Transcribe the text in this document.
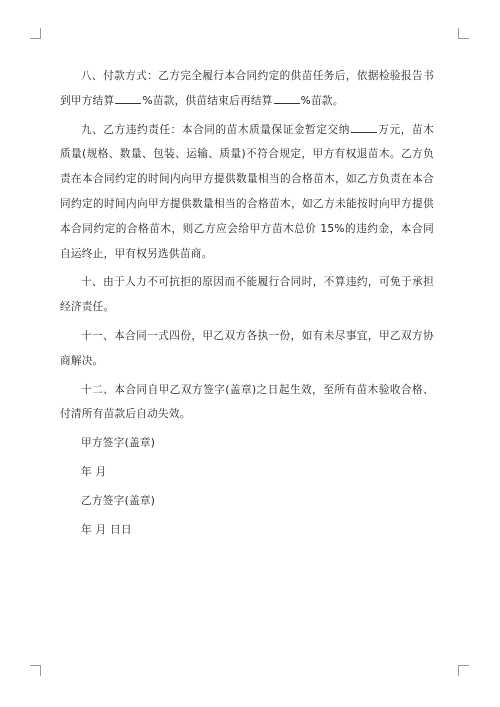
八、付款方式：乙方完全履行本合同约定的供苗任务后，依据检验报告书到甲方结算	%苗款，供苗结束后再结算	%苗款。

九、乙方违约责任：本合同的苗木质量保证金暂定交纳	万元，苗木质量(规格、数量、包装、运输、质量)不符合规定，甲方有权退苗木。乙方负责在本合同约定的时间内向甲方提供数量相当的合格苗木，如乙方负责在本合同约定的时间内向甲方提供数量相当的合格苗木，如乙方未能按时向甲方提供本合同约定的合格苗木，则乙方应会给甲方苗木总价 15%的违约金，本合同自运终止，甲有权另选供苗商。

十、由于人力不可抗拒的原因而不能履行合同时，不算违约，可免于承担经济责任。

十一、本合同一式四份，甲乙双方各执一份，如有未尽事宜，甲乙双方协商解决。

十二、本合同自甲乙双方签字(盖章)之日起生效，至所有苗木验收合格、付清所有苗款后自动失效。

甲方签字(盖章)

年 月

乙方签字(盖章)

年 月 日日
